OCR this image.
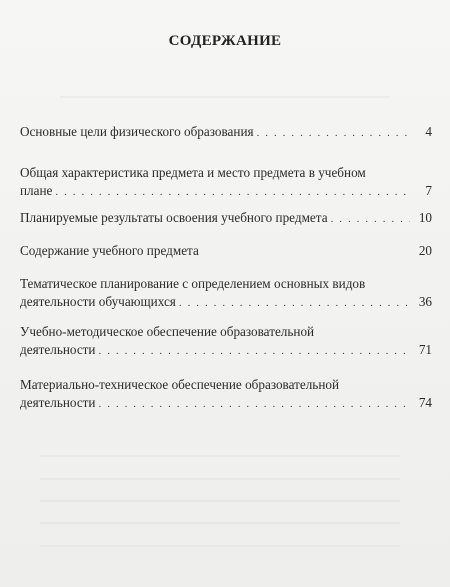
СОДЕРЖАНИЕ
Основные цели физического образования . . .	4
Общая характеристика предмета и место предмета в учебном
плане . . .	7
Планируемые результаты освоения учебного предмета . . .	10
Содержание учебного предмета	20
Тематическое планирование с определением основных видов
деятельности обучающихся . . .	36
Учебно-методическое обеспечение образовательной
деятельности . . .	71
Материально-техническое обеспечение образовательной
деятельности . . .	74
